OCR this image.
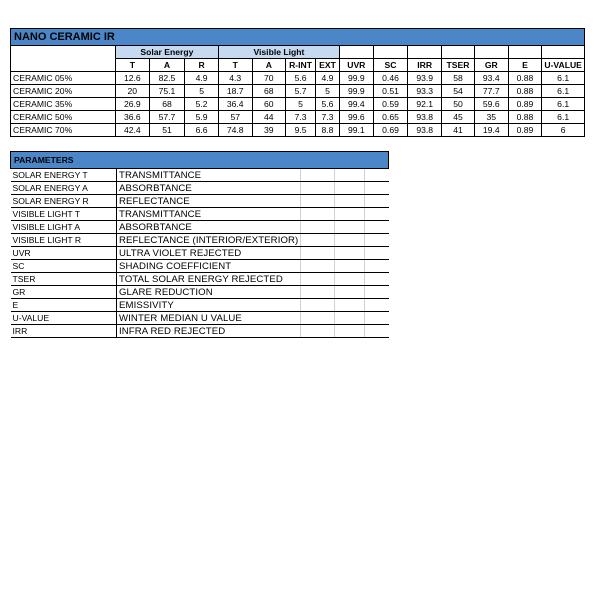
NANO CERAMIC IR														
	Solar Energy			Visible Light										
	T	A	R	T	A	R-INT	EXT	UVR	SC	IRR	TSER	GR	E	U-VALUE
CERAMIC 05%	12.6	82.5	4.9	4.3	70	5.6	4.9	99.9	0.46	93.9	58	93.4	0.88	6.1
CERAMIC 20%	20	75.1	5	18.7	68	5.7	5	99.9	0.51	93.3	54	77.7	0.88	6.1
CERAMIC 35%	26.9	68	5.2	36.4	60	5	5.6	99.4	0.59	92.1	50	59.6	0.89	6.1
CERAMIC 50%	36.6	57.7	5.9	57	44	7.3	7.3	99.6	0.65	93.8	45	35	0.88	6.1
CERAMIC 70%	42.4	51	6.6	74.8	39	9.5	8.8	99.1	0.69	93.8	41	19.4	0.89	6
PARAMETERS				
SOLAR ENERGY T	TRANSMITTANCE			
SOLAR ENERGY A	ABSORBTANCE			
SOLAR ENERGY R	REFLECTANCE			
VISIBLE LIGHT T	TRANSMITTANCE			
VISIBLE LIGHT A	ABSORBTANCE			
VISIBLE LIGHT R	REFLECTANCE (INTERIOR/EXTERIOR)			
UVR	ULTRA VIOLET REJECTED			
SC	SHADING COEFFICIENT			
TSER	TOTAL SOLAR ENERGY REJECTED			
GR	GLARE REDUCTION			
E	EMISSIVITY			
U-VALUE	WINTER MEDIAN U VALUE			
IRR	INFRA RED REJECTED			
